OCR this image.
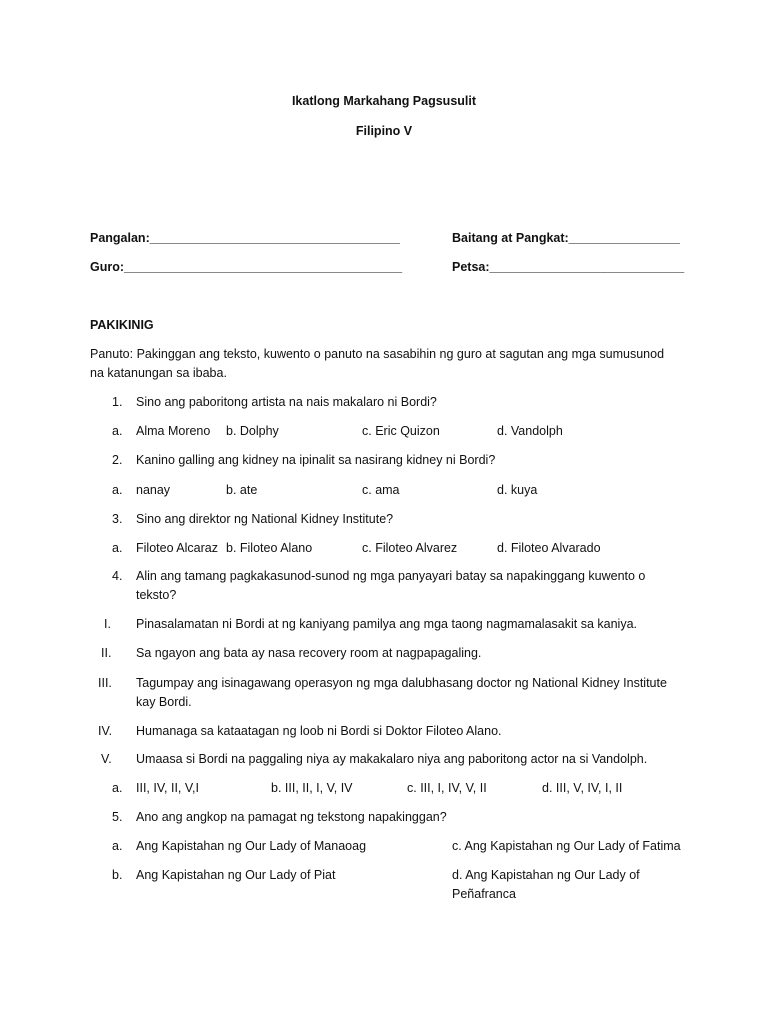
Ikatlong Markahang Pagsusulit
Filipino V
Pangalan:____________________________________	Baitang at Pangkat:________________
Guro:________________________________________	Petsa:____________________________
PAKIKINIG
Panuto: Pakinggan ang teksto, kuwento o panuto na sasabihin ng guro at sagutan ang mga sumusunod na katanungan sa ibaba.
1. Sino ang paboritong artista na nais makalaro ni Bordi?
a. Alma Moreno b. Dolphy	c. Eric Quizon	d. Vandolph
2. Kanino galling ang kidney na ipinalit sa nasirang kidney ni Bordi?
a. nanay	b. ate	c. ama	d. kuya
3. Sino ang direktor ng National Kidney Institute?
a. Filoteo Alcaraz b. Filoteo Alano	c. Filoteo Alvarez	d. Filoteo Alvarado
4. Alin ang tamang pagkakasunod-sunod ng mga panyayari batay sa napakinggang kuwento o teksto?
I. Pinasalamatan ni Bordi at ng kaniyang pamilya ang mga taong nagmamalasakit sa kaniya.
II. Sa ngayon ang bata ay nasa recovery room at nagpapagaling.
III. Tagumpay ang isinagawang operasyon ng mga dalubhasang doctor ng National Kidney Institute kay Bordi.
IV. Humanaga sa kataatagan ng loob ni Bordi si Doktor Filoteo Alano.
V. Umaasa si Bordi na paggaling niya ay makakalaro niya ang paboritong actor na si Vandolph.
a. III, IV, II, V,I	b. III, II, I, V, IV	c. III, I, IV, V, II	d. III, V, IV, I, II
5. Ano ang angkop na pamagat ng tekstong napakinggan?
a. Ang Kapistahan ng Our Lady of Manaoag	c. Ang Kapistahan ng Our Lady of Fatima
b. Ang Kapistahan ng Our Lady of Piat	d. Ang Kapistahan ng Our Lady of Peñafranca
